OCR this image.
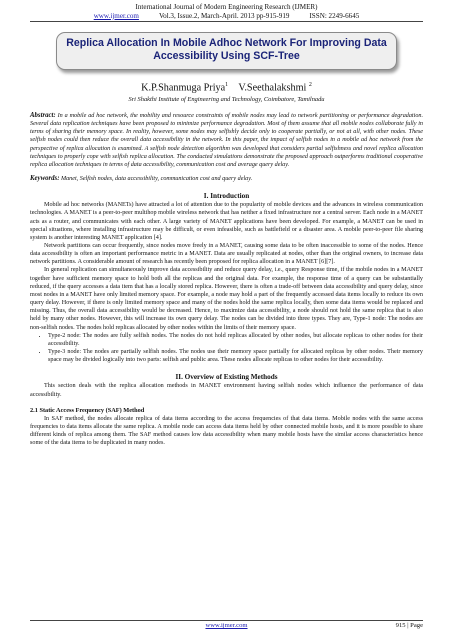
International Journal of Modern Engineering Research (IJMER)
www.ijmer.com	Vol.3, Issue.2, March-April. 2013 pp-915-919	ISSN: 2249-6645
Replica Allocation In Mobile Adhoc Network For Improving Data Accessibility Using SCF-Tree
K.P.Shanmuga Priya$^1$ V.Seethalakshmi $^2$
Sri Shakthi Institute of Engineering and Technology, Coimbatore, Tamilnadu
Abstract: In a mobile ad hoc network, the mobility and resource constraints of mobile nodes may lead to network partitioning or performance degradation. Several data replication techniques have been proposed to minimize performance degradation. Most of them assume that all mobile nodes collaborate fully in terms of sharing their memory space. In reality, however, some nodes may selfishly decide only to cooperate partially, or not at all, with other nodes. These selfish nodes could then reduce the overall data accessibility in the network. In this paper, the impact of selfish nodes in a mobile ad hoc network from the perspective of replica allocation is examined. A selfish node detection algorithm was developed that considers partial selfishness and novel replica allocation techniques to properly cope with selfish replica allocation. The conducted simulations demonstrate the proposed approach outperforms traditional cooperative replica allocation techniques in terms of data accessibility, communication cost and average query delay.
Keywords: Manet, Selfish nodes, data accessibility, communication cost and query delay.
I. Introduction

Mobile ad hoc networks (MANETs) have attracted a lot of attention due to the popularity of mobile devices and the advances in wireless communication technologies. A MANET is a peer-to-peer multihop mobile wireless network that has neither a fixed infrastructure nor a central server. Each node in a MANET acts as a router, and communicates with each other. A large variety of MANET applications have been developed. For example, a MANET can be used in special situations, where installing infrastructure may be difficult, or even infeasible, such as battlefield or a disaster area. A mobile peer-to-peer file sharing system is another interesting MANET application [4].

Network partitions can occur frequently, since nodes move freely in a MANET, causing some data to be often inaccessible to some of the nodes. Hence data accessibility is often an important performance metric in a MANET. Data are usually replicated at nodes, other than the original owners, to increase data network partitions. A considerable amount of research has recently been proposed for replica allocation in a MANET [6][7].

In general replication can simultaneously improve data accessibility and reduce query delay, i.e., query Response time, if the mobile nodes in a MANET together have sufficient memory space to hold both all the replicas and the original data. For example, the response time of a query can be substantially reduced, if the query accesses a data item that has a locally stored replica. However, there is often a trade-off between data accessibility and query delay, since most nodes in a MANET have only limited memory space. For example, a node may hold a part of the frequently accessed data items locally to reduce its own query delay. However, if there is only limited memory space and many of the nodes hold the same replica locally, then some data items would be replaced and missing. Thus, the overall data accessibility would be decreased. Hence, to maximize data accessibility, a node should not hold the same replica that is also held by many other nodes. However, this will increase its own query delay. The nodes can be divided into three types. They are, Type-1 node: The nodes are non-selfish nodes. The nodes hold replicas allocated by other nodes within the limits of their memory space.

• Type-2 node: The nodes are fully selfish nodes. The nodes do not hold replicas allocated by other nodes, but allocate replicas to other nodes for their accessibility.
• Type-3 node: The nodes are partially selfish nodes. The nodes use their memory space partially for allocated replicas by other nodes. Their memory space may be divided logically into two parts: selfish and public area. These nodes allocate replicas to other nodes for their accessibility.
II. Overview of Existing Methods

This section deals with the replica allocation methods in MANET environment having selfish nodes which influence the performance of data accessibility.

2.1 Static Access Frequency (SAF) Method

In SAF method, the nodes allocate replica of data items according to the access frequencies of that data items. Mobile nodes with the same access frequencies to data items allocate the same replica. A mobile node can access data items held by other connected mobile hosts, and it is more possible to share different kinds of replica among them. The SAF method causes low data accessibility when many mobile hosts have the similar access characteristics hence some of the data items to be duplicated in many nodes.

www.ijmer.com	915 | Page
